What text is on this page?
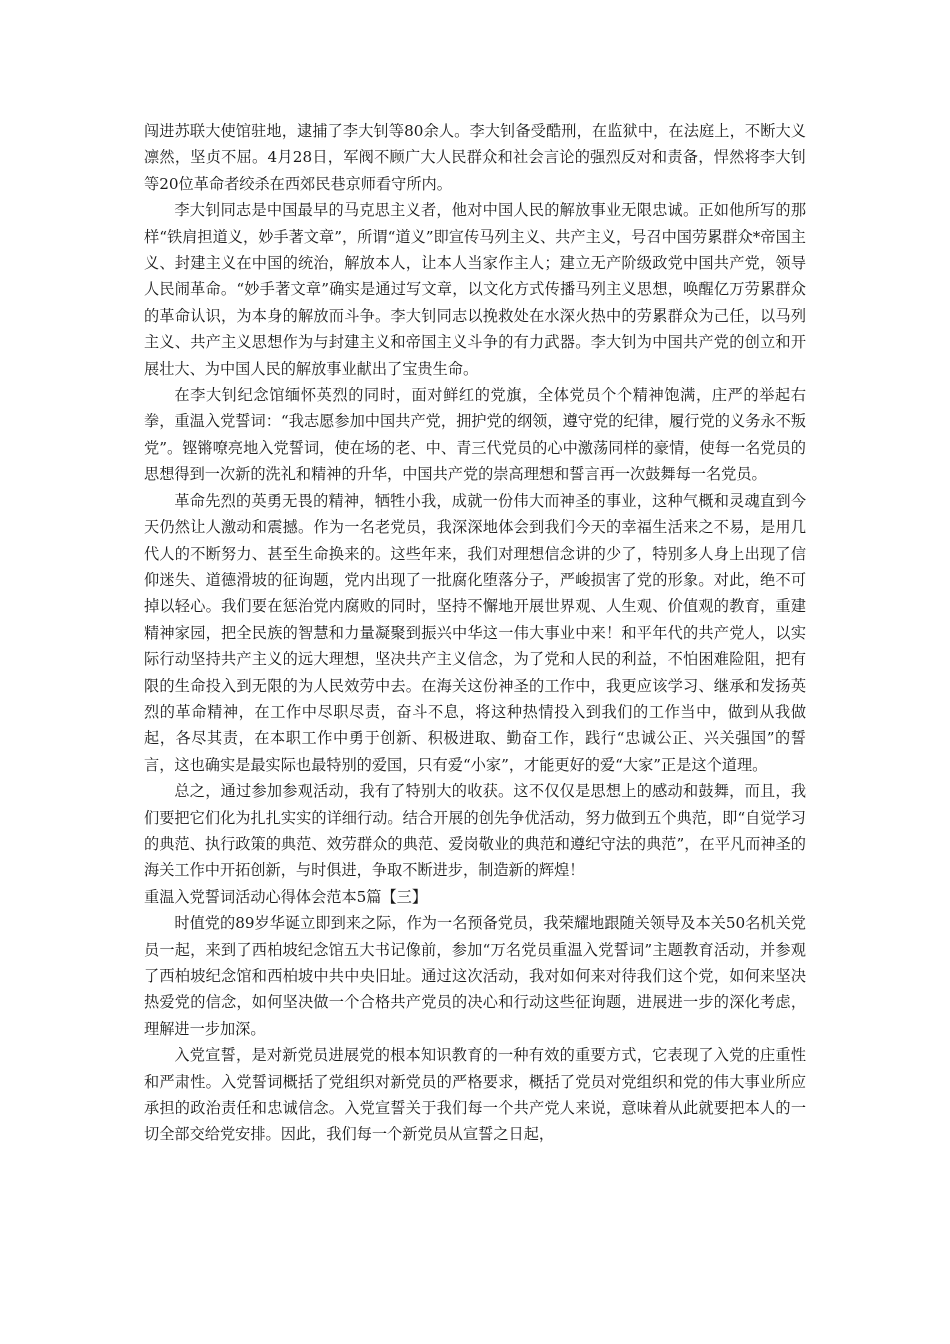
闯进苏联大使馆驻地，逮捕了李大钊等80余人。李大钊备受酷刑，在监狱中，在法庭上，不断大义凛然，坚贞不屈。4月28日，军阀不顾广大人民群众和社会言论的强烈反对和责备，悍然将李大钊等20位革命者绞杀在西郊民巷京师看守所内。

李大钊同志是中国最早的马克思主义者，他对中国人民的解放事业无限忠诚。正如他所写的那样“铁肩担道义，妙手著文章”，所谓“道义”即宣传马列主义、共产主义，号召中国劳累群众*帝国主义、封建主义在中国的统治，解放本人，让本人当家作主人；建立无产阶级政党中国共产党，领导人民闹革命。“妙手著文章”确实是通过写文章，以文化方式传播马列主义思想，唤醒亿万劳累群众的革命认识，为本身的解放而斗争。李大钊同志以挽救处在水深火热中的劳累群众为己任，以马列主义、共产主义思想作为与封建主义和帝国主义斗争的有力武器。李大钊为中国共产党的创立和开展壮大、为中国人民的解放事业献出了宝贵生命。

在李大钊纪念馆缅怀英烈的同时，面对鲜红的党旗，全体党员个个精神饱满，庄严的举起右拳，重温入党誓词：“我志愿参加中国共产党，拥护党的纲领，遵守党的纪律，履行党的义务永不叛党”。铿锵嘹亮地入党誓词，使在场的老、中、青三代党员的心中激荡同样的豪情，使每一名党员的思想得到一次新的洗礼和精神的升华，中国共产党的崇高理想和誓言再一次鼓舞每一名党员。

革命先烈的英勇无畏的精神，牺牲小我，成就一份伟大而神圣的事业，这种气概和灵魂直到今天仍然让人激动和震撼。作为一名老党员，我深深地体会到我们今天的幸福生活来之不易，是用几代人的不断努力、甚至生命换来的。这些年来，我们对理想信念讲的少了，特别多人身上出现了信仰迷失、道德滑坡的征询题，党内出现了一批腐化堕落分子，严峻损害了党的形象。对此，绝不可掉以轻心。我们要在惩治党内腐败的同时，坚持不懈地开展世界观、人生观、价值观的教育，重建精神家园，把全民族的智慧和力量凝聚到振兴中华这一伟大事业中来！和平年代的共产党人，以实际行动坚持共产主义的远大理想，坚决共产主义信念，为了党和人民的利益，不怕困难险阻，把有限的生命投入到无限的为人民效劳中去。在海关这份神圣的工作中，我更应该学习、继承和发扬英烈的革命精神，在工作中尽职尽责，奋斗不息，将这种热情投入到我们的工作当中，做到从我做起，各尽其责，在本职工作中勇于创新、积极进取、勤奋工作，践行“忠诚公正、兴关强国”的誓言，这也确实是最实际也最特别的爱国，只有爱“小家”，才能更好的爱“大家”正是这个道理。

总之，通过参加参观活动，我有了特别大的收获。这不仅仅是思想上的感动和鼓舞，而且，我们要把它们化为扎扎实实的详细行动。结合开展的创先争优活动，努力做到五个典范，即“自觉学习的典范、执行政策的典范、效劳群众的典范、爱岗敬业的典范和遵纪守法的典范”，在平凡而神圣的海关工作中开拓创新，与时俱进，争取不断进步，制造新的辉煌！

重温入党誓词活动心得体会范本5篇【三】

时值党的89岁华诞立即到来之际，作为一名预备党员，我荣耀地跟随关领导及本关50名机关党员一起，来到了西柏坡纪念馆五大书记像前，参加“万名党员重温入党誓词”主题教育活动，并参观了西柏坡纪念馆和西柏坡中共中央旧址。通过这次活动，我对如何来对待我们这个党，如何来坚决热爱党的信念，如何坚决做一个合格共产党员的决心和行动这些征询题，进展进一步的深化考虑，理解进一步加深。

入党宣誓，是对新党员进展党的根本知识教育的一种有效的重要方式，它表现了入党的庄重性和严肃性。入党誓词概括了党组织对新党员的严格要求，概括了党员对党组织和党的伟大事业所应承担的政治责任和忠诚信念。入党宣誓关于我们每一个共产党人来说，意味着从此就要把本人的一切全部交给党安排。因此，我们每一个新党员从宣誓之日起，
